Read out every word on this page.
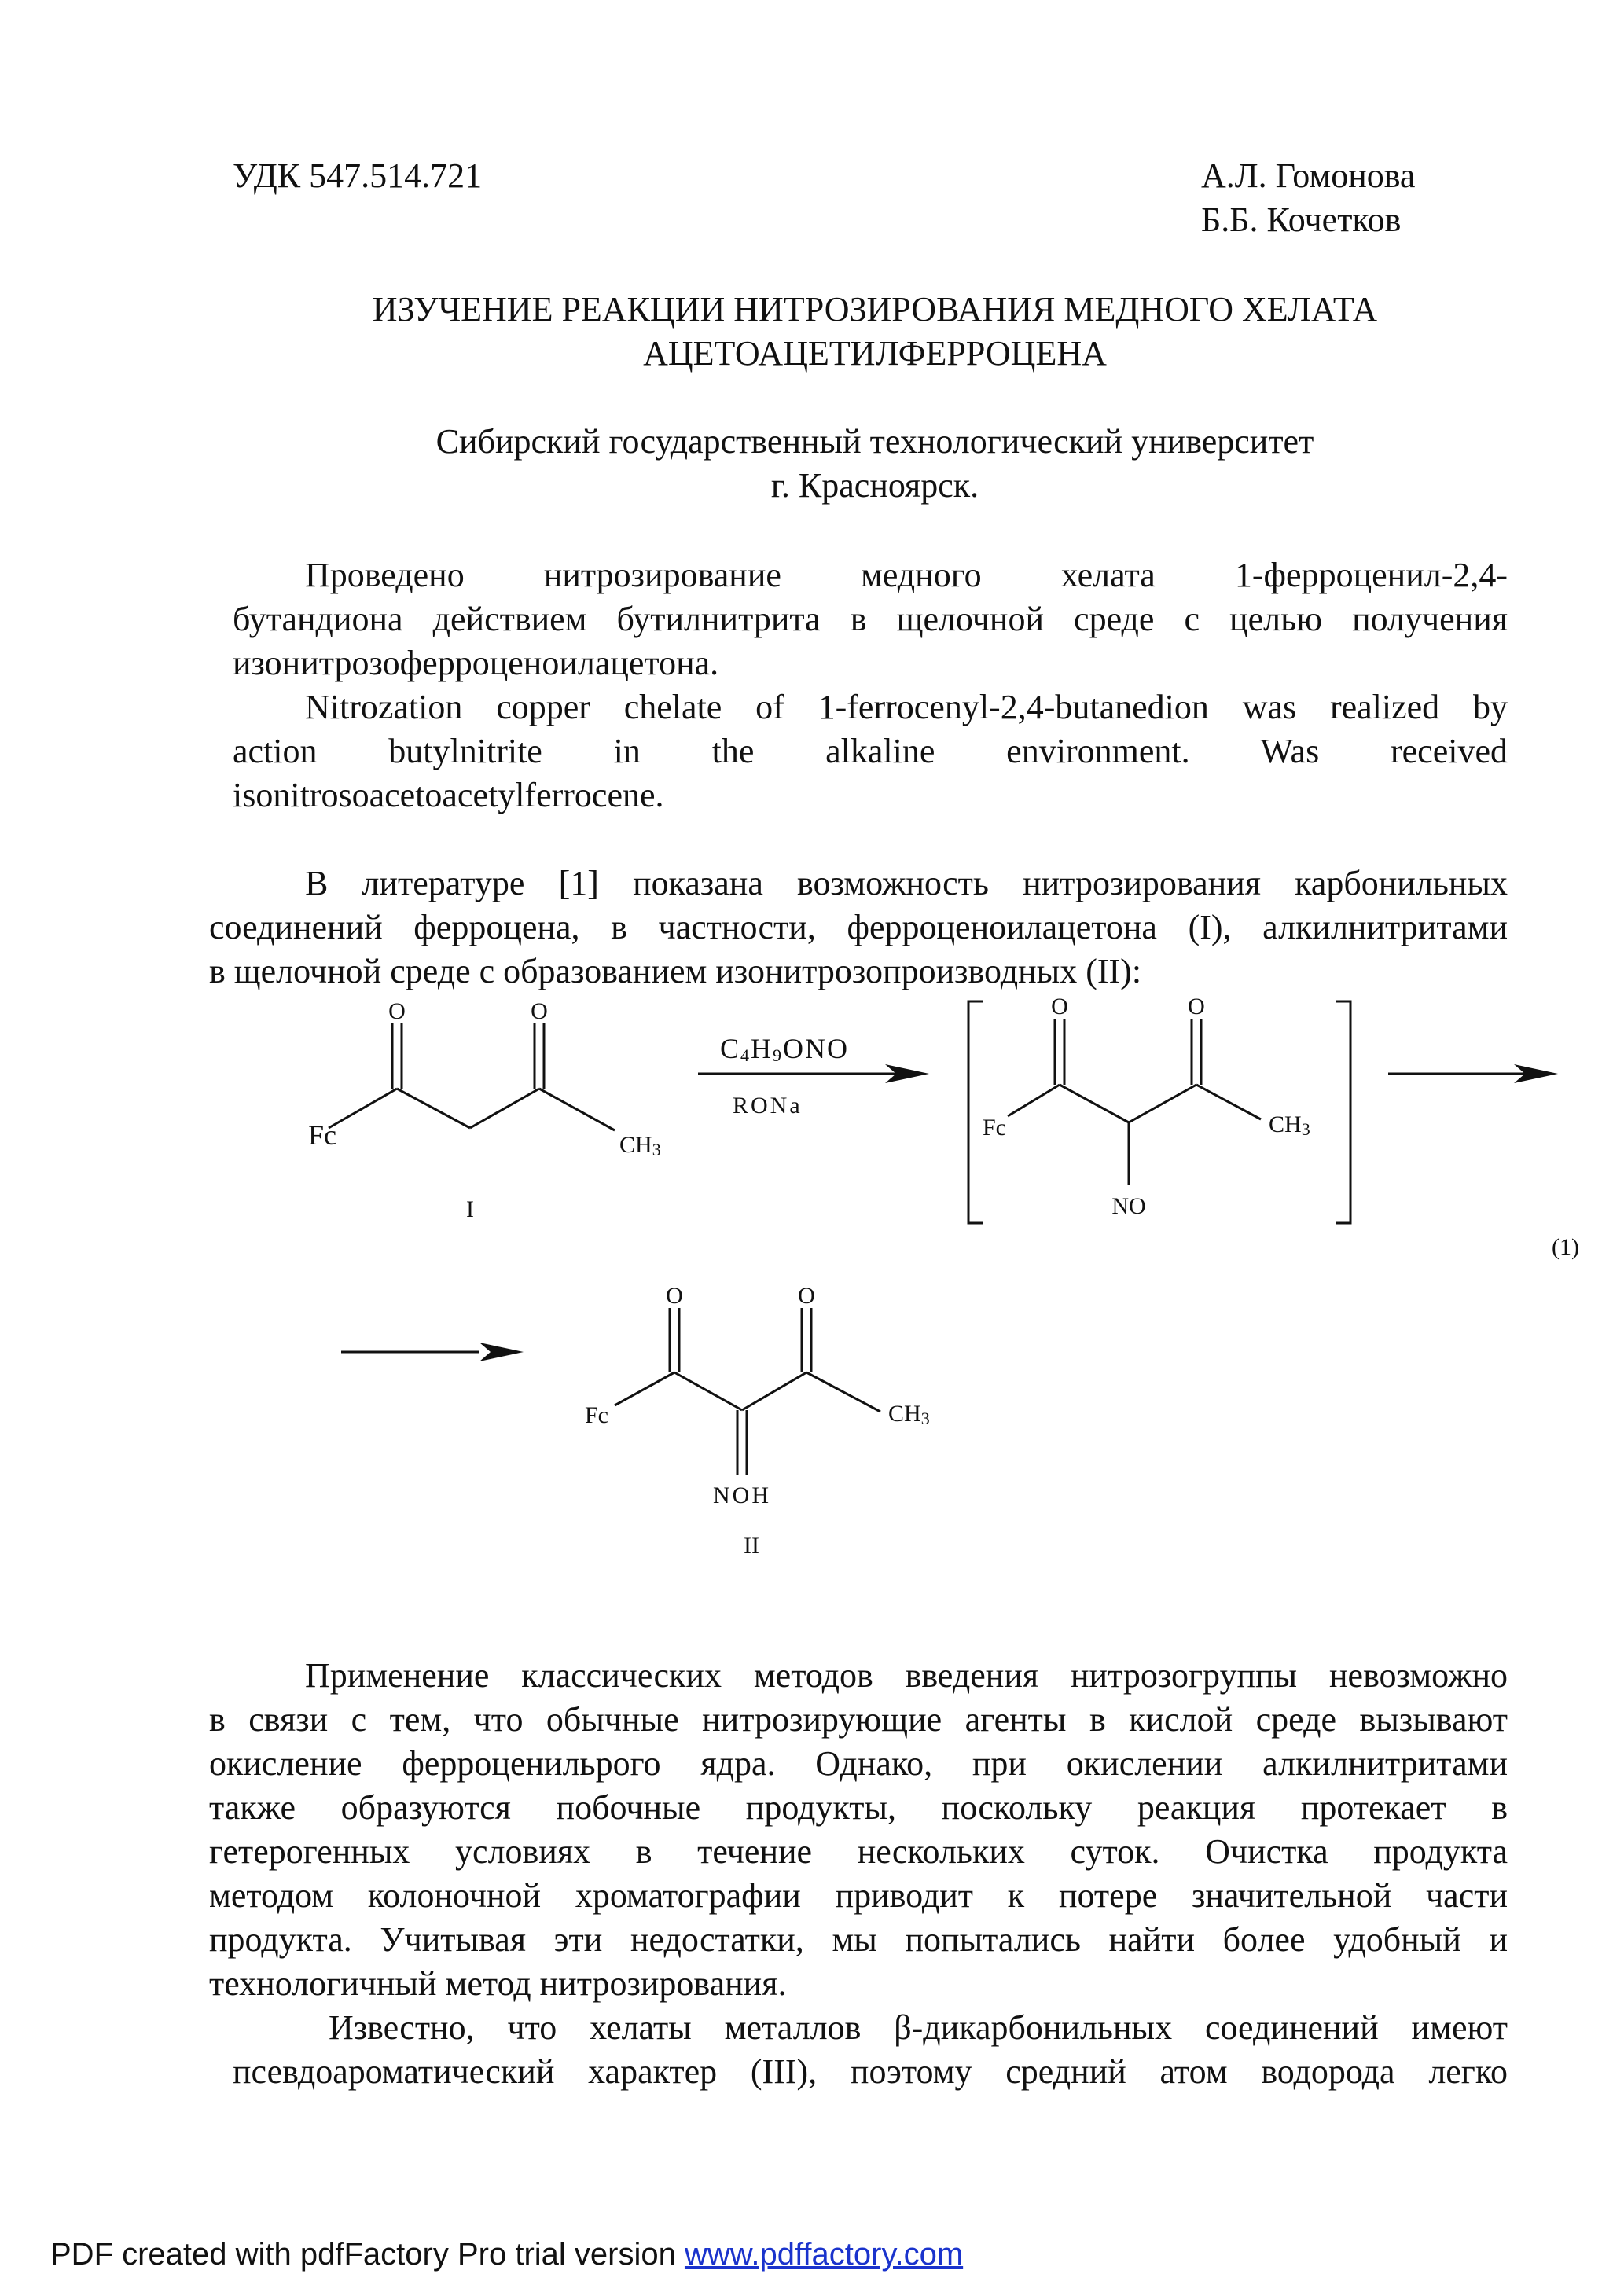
УДК 547.514.721	А.Л. Гомонова
Б.Б. Кочетков
ИЗУЧЕНИЕ РЕАКЦИИ НИТРОЗИРОВАНИЯ МЕДНОГО ХЕЛАТА
АЦЕТОАЦЕТИЛФЕРРОЦЕНА
Сибирский государственный технологический университет
г. Красноярск.
Проведено нитрозирование медного хелата 1-ферроценил-2,4-
бутандиона действием бутилнитрита в щелочной среде с целью получения
изонитрозоферроценоилацетона.
Nitrozation copper chelate of 1-ferrocenyl-2,4-butanedion was realized by
action butylnitrite in the alkaline environment. Was received
isonitrosoacetoacetylferrocene.
В литературе [1] показана возможность нитрозирования карбонильных
соединений ферроцена, в частности, ферроценоилацетона (I), алкилнитритами
в щелочной среде с образованием изонитрозопроизводных (II):
O	O
Fc	CH3
I
C4H9ONO
RONa
O	O
Fc	CH3
NO
(1)
O	O
Fc	CH3
NOH
II
Применение классических методов введения нитрозогруппы невозможно
в связи с тем, что обычные нитрозирующие агенты в кислой среде вызывают
окисление ферроценильрого ядра. Однако, при окислении алкилнитритами
также образуются побочные продукты, поскольку реакция протекает в
гетерогенных условиях в течение нескольких суток. Очистка продукта
методом колоночной хроматографии приводит к потере значительной части
продукта. Учитывая эти недостатки, мы попытались найти более удобный и
технологичный метод нитрозирования.
Известно, что хелаты металлов β-дикарбонильных соединений имеют
псевдоароматический характер (III), поэтому средний атом водорода легко
PDF created with pdfFactory Pro trial version www.pdffactory.com
